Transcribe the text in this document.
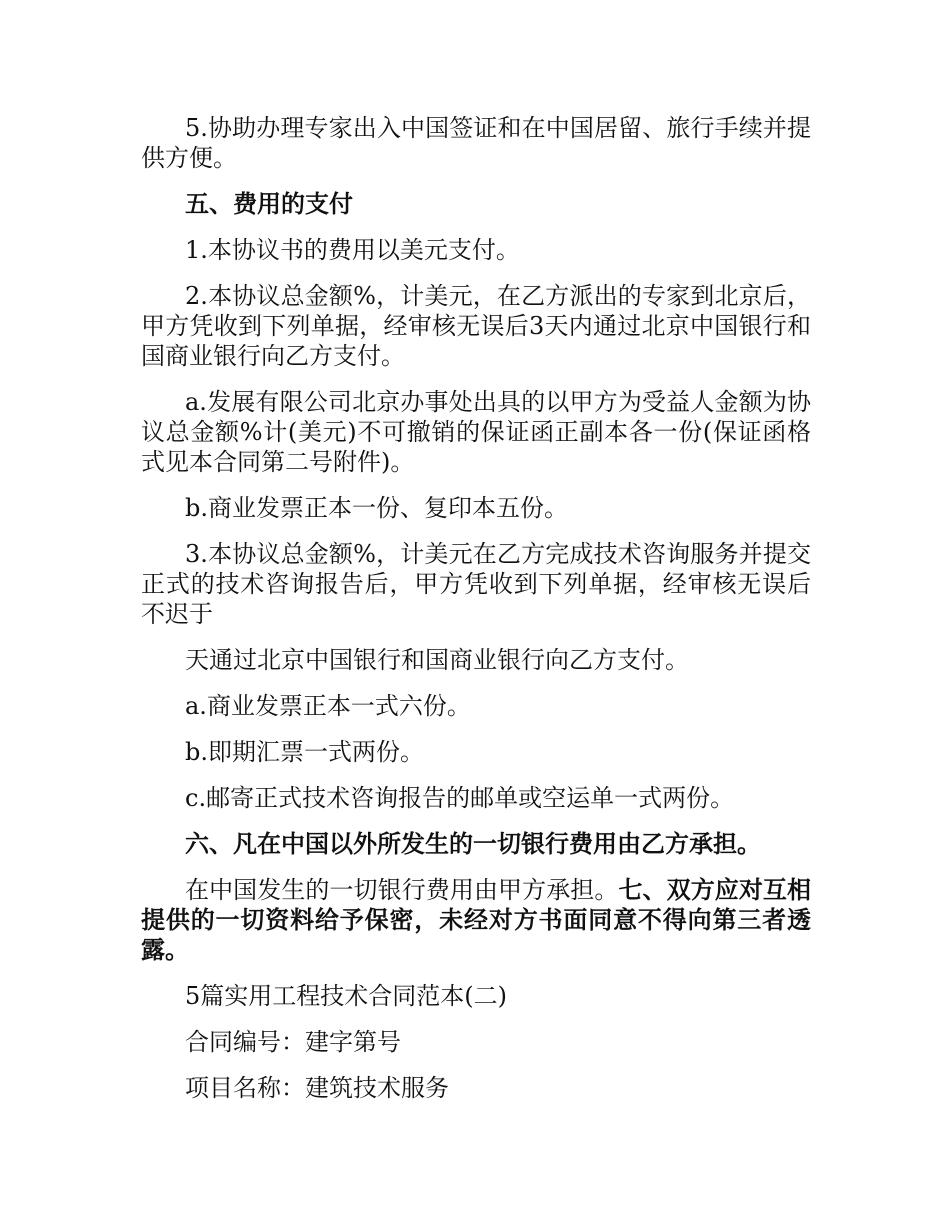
5.协助办理专家出入中国签证和在中国居留、旅行手续并提供方便。

五、费用的支付

1.本协议书的费用以美元支付。

2.本协议总金额%，计美元，在乙方派出的专家到北京后，甲方凭收到下列单据，经审核无误后3天内通过北京中国银行和国商业银行向乙方支付。

a.发展有限公司北京办事处出具的以甲方为受益人金额为协议总金额%计(美元)不可撤销的保证函正副本各一份(保证函格式见本合同第二号附件)。

b.商业发票正本一份、复印本五份。

3.本协议总金额%，计美元在乙方完成技术咨询服务并提交正式的技术咨询报告后，甲方凭收到下列单据，经审核无误后不迟于

天通过北京中国银行和国商业银行向乙方支付。

a.商业发票正本一式六份。

b.即期汇票一式两份。

c.邮寄正式技术咨询报告的邮单或空运单一式两份。

六、凡在中国以外所发生的一切银行费用由乙方承担。

在中国发生的一切银行费用由甲方承担。七、双方应对互相提供的一切资料给予保密，未经对方书面同意不得向第三者透露。

5篇实用工程技术合同范本(二)

合同编号：建字第号

项目名称：建筑技术服务
